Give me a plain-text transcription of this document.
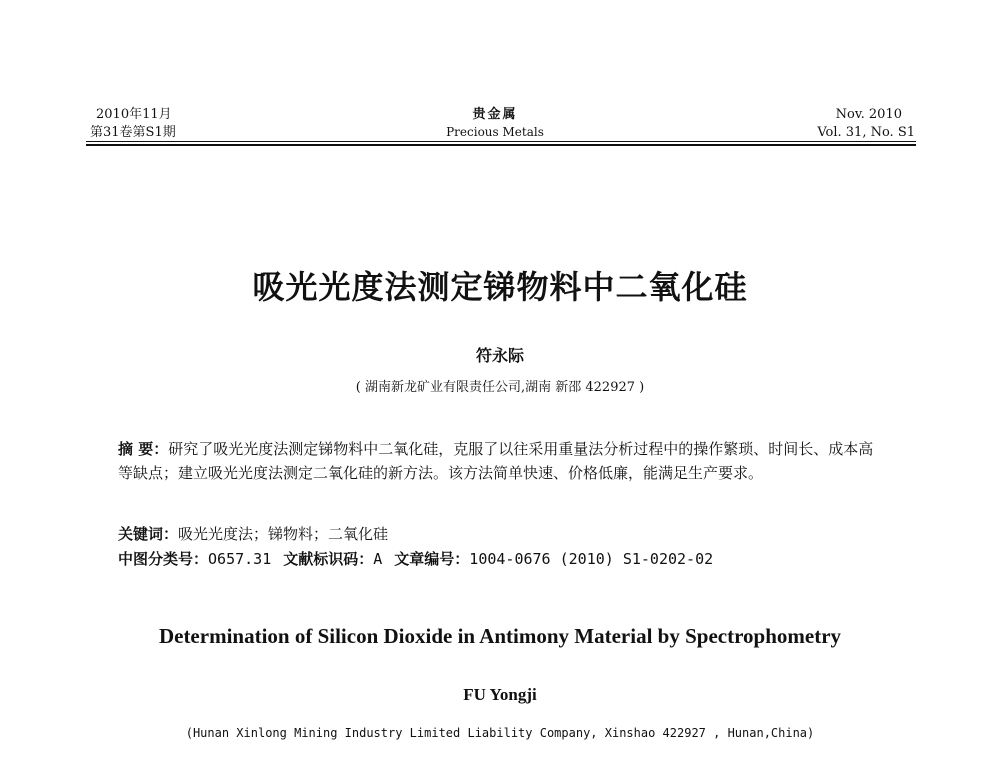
2010年11月
第31卷第S1期
贵金属
Precious Metals
Nov. 2010
Vol. 31, No. S1
吸光光度法测定锑物料中二氧化硅
符永际
( 湖南新龙矿业有限责任公司,湖南 新邵 422927 )
摘 要：研究了吸光光度法测定锑物料中二氧化硅，克服了以往采用重量法分析过程中的操作繁琐、时间长、成本高等缺点；建立吸光光度法测定二氧化硅的新方法。该方法简单快速、价格低廉，能满足生产要求。
关键词：吸光光度法；锑物料；二氧化硅
中图分类号：O657.31 文献标识码：A 文章编号：1004-0676 (2010) S1-0202-02
Determination of Silicon Dioxide in Antimony Material by Spectrophometry
FU Yongji
(Hunan Xinlong Mining Industry Limited Liability Company, Xinshao 422927 , Hunan,China)
